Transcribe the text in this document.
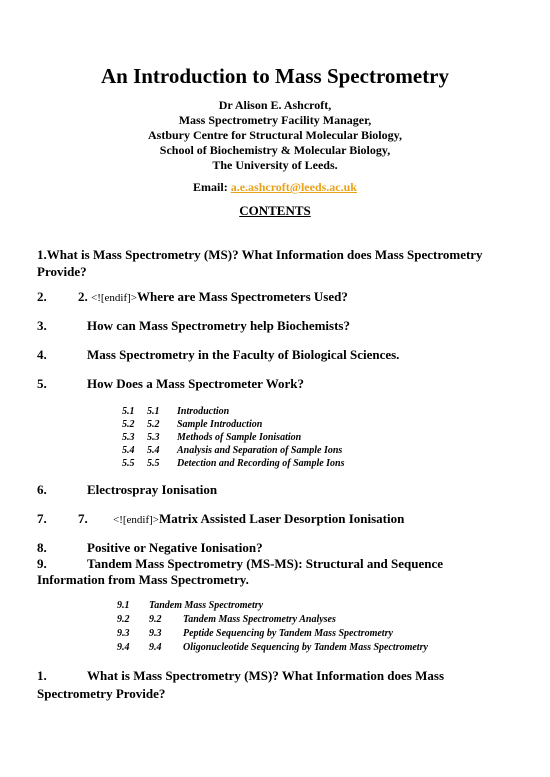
An Introduction to Mass Spectrometry
Dr Alison E. Ashcroft,
Mass Spectrometry Facility Manager,
Astbury Centre for Structural Molecular Biology,
School of Biochemistry & Molecular Biology,
The University of Leeds.
Email: a.e.ashcroft@leeds.ac.uk
CONTENTS
1.What is Mass Spectrometry (MS)? What Information does Mass Spectrometry Provide?
2. 2. <![endif]>Where are Mass Spectrometers Used?
3.	How can Mass Spectrometry help Biochemists?
4.	Mass Spectrometry in the Faculty of Biological Sciences.
5.	How Does a Mass Spectrometer Work?
5.1 5.1 Introduction
5.2 5.2 Sample Introduction
5.3 5.3 Methods of Sample Ionisation
5.4 5.4 Analysis and Separation of Sample Ions
5.5 5.5 Detection and Recording of Sample Ions
6.	Electrospray Ionisation
7. 7. <![endif]>Matrix Assisted Laser Desorption Ionisation
8.	Positive or Negative Ionisation?
9.	Tandem Mass Spectrometry (MS-MS): Structural and Sequence
Information from Mass Spectrometry.
9.1 Tandem Mass Spectrometry
9.2 9.2 Tandem Mass Spectrometry Analyses
9.3 9.3 Peptide Sequencing by Tandem Mass Spectrometry
9.4 9.4 Oligonucleotide Sequencing by Tandem Mass Spectrometry
1.	What is Mass Spectrometry (MS)? What Information does Mass
Spectrometry Provide?
